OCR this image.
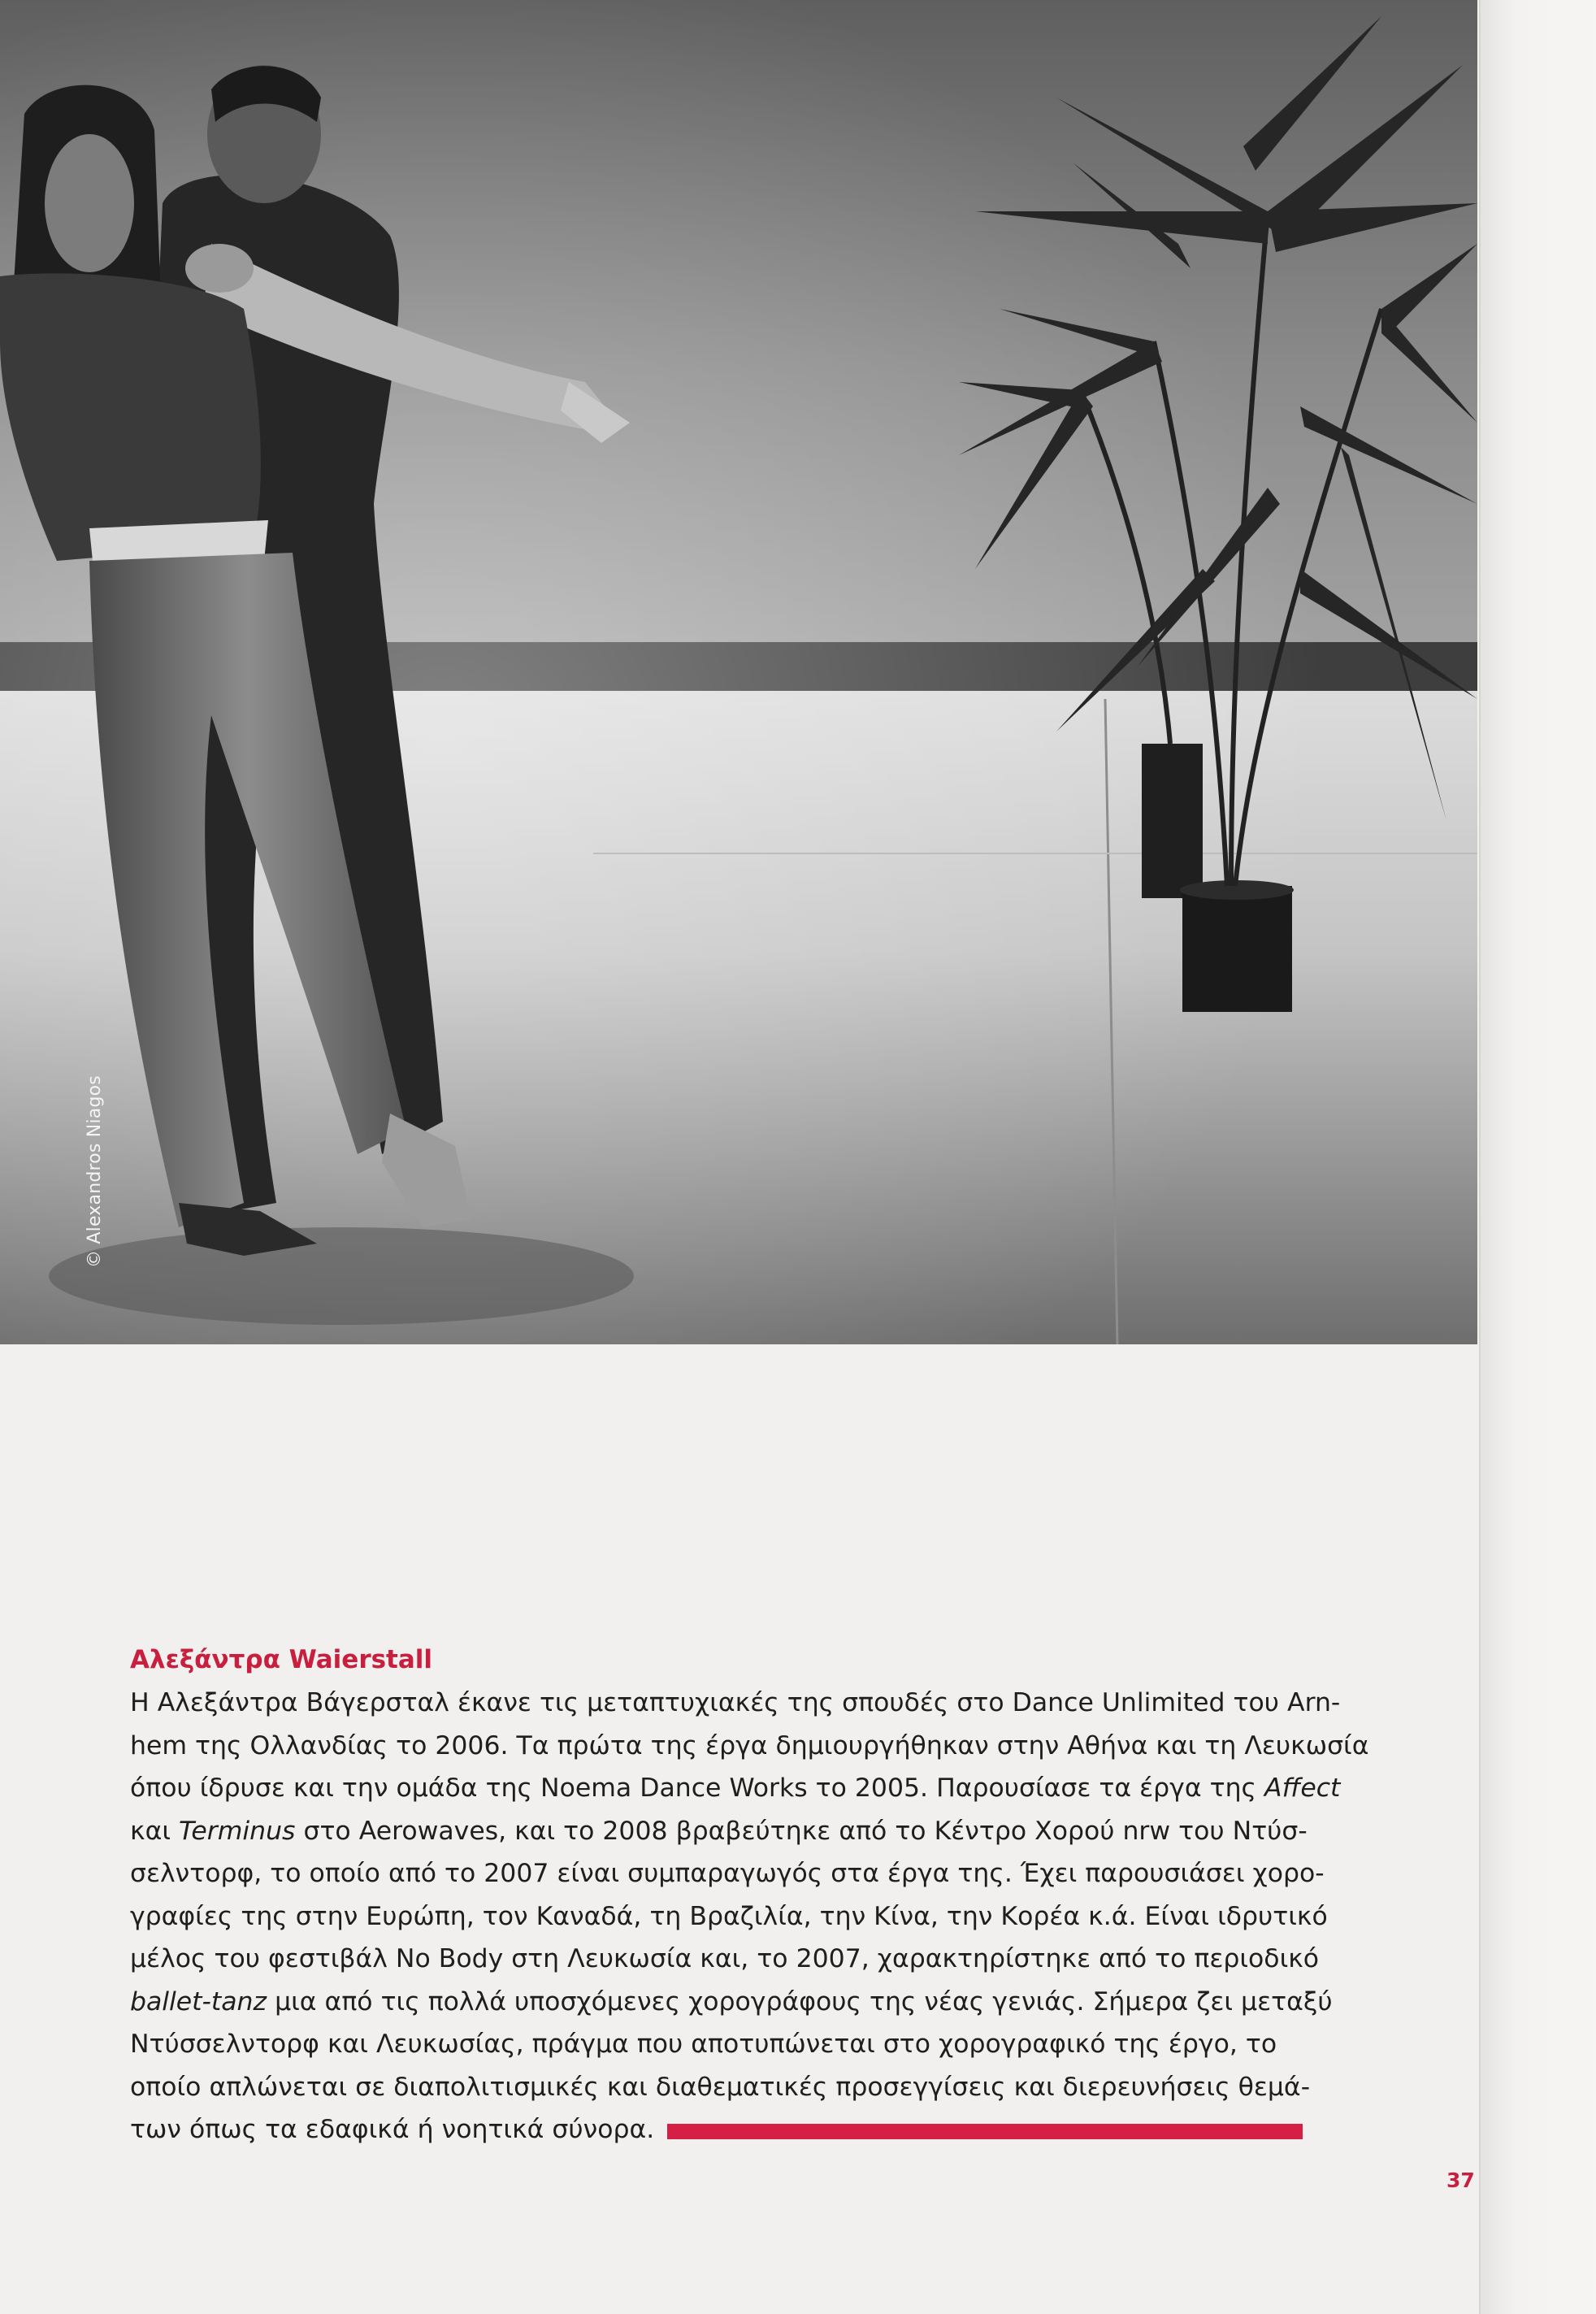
© Alexandros Niagos
Αλεξάντρα Waierstall

Η Αλεξάντρα Βάγερσταλ έκανε τις μεταπτυχιακές της σπουδές στο Dance Unlimited του Arn-
hem της Ολλανδίας το 2006. Τα πρώτα της έργα δημιουργήθηκαν στην Αθήνα και τη Λευκωσία
όπου ίδρυσε και την ομάδα της Noema Dance Works το 2005. Παρουσίασε τα έργα της Affect
και Terminus στο Aerowaves, και το 2008 βραβεύτηκε από το Κέντρο Χορού nrw του Ντύσ-
σελντορφ, το οποίο από το 2007 είναι συμπαραγωγός στα έργα της. Έχει παρουσιάσει χορο-
γραφίες της στην Ευρώπη, τον Καναδά, τη Βραζιλία, την Κίνα, την Κορέα κ.ά. Είναι ιδρυτικό
μέλος του φεστιβάλ No Body στη Λευκωσία και, το 2007, χαρακτηρίστηκε από το περιοδικό
ballet-tanz μια από τις πολλά υποσχόμενες χορογράφους της νέας γενιάς. Σήμερα ζει μεταξύ
Ντύσσελντορφ και Λευκωσίας, πράγμα που αποτυπώνεται στο χορογραφικό της έργο, το
οποίο απλώνεται σε διαπολιτισμικές και διαθεματικές προσεγγίσεις και διερευνήσεις θεμά-
των όπως τα εδαφικά ή νοητικά σύνορα.

37
